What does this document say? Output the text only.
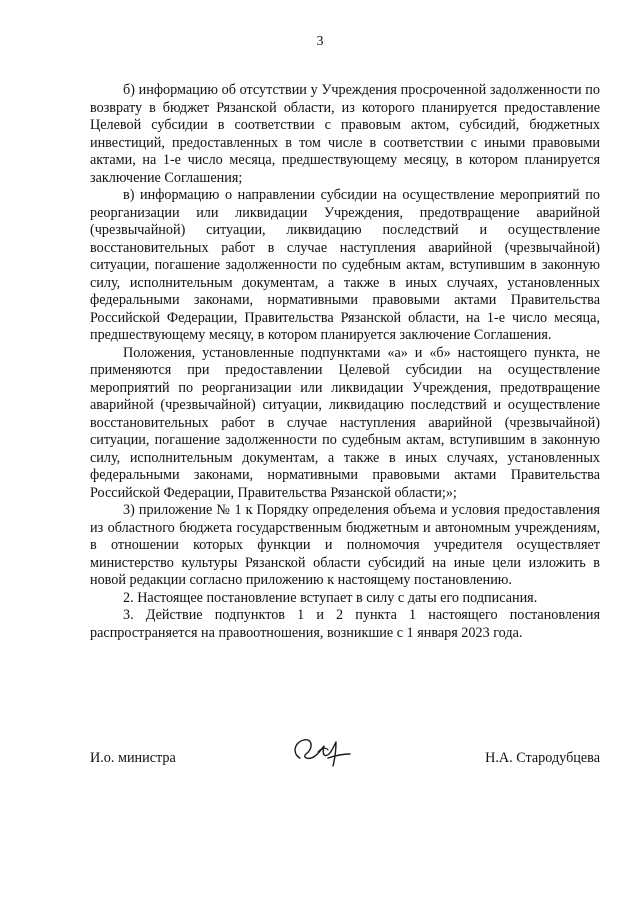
3

б) информацию об отсутствии у Учреждения просроченной задолженности по возврату в бюджет Рязанской области, из которого планируется предоставление Целевой субсидии в соответствии с правовым актом, субсидий, бюджетных инвестиций, предоставленных в том числе в соответствии с иными правовыми актами, на 1-е число месяца, предшествующему месяцу, в котором планируется заключение Соглашения;

в) информацию о направлении субсидии на осуществление мероприятий по реорганизации или ликвидации Учреждения, предотвращение аварийной (чрезвычайной) ситуации, ликвидацию последствий и осуществление восстановительных работ в случае наступления аварийной (чрезвычайной) ситуации, погашение задолженности по судебным актам, вступившим в законную силу, исполнительным документам, а также в иных случаях, установленных федеральными законами, нормативными правовыми актами Правительства Российской Федерации, Правительства Рязанской области, на 1-е число месяца, предшествующему месяцу, в котором планируется заключение Соглашения.

Положения, установленные подпунктами «а» и «б» настоящего пункта, не применяются при предоставлении Целевой субсидии на осуществление мероприятий по реорганизации или ликвидации Учреждения, предотвращение аварийной (чрезвычайной) ситуации, ликвидацию последствий и осуществление восстановительных работ в случае наступления аварийной (чрезвычайной) ситуации, погашение задолженности по судебным актам, вступившим в законную силу, исполнительным документам, а также в иных случаях, установленных федеральными законами, нормативными правовыми актами Правительства Российской Федерации, Правительства Рязанской области;»;

3) приложение № 1 к Порядку определения объема и условия предоставления из областного бюджета государственным бюджетным и автономным учреждениям, в отношении которых функции и полномочия учредителя осуществляет министерство культуры Рязанской области субсидий на иные цели изложить в новой редакции согласно приложению к настоящему постановлению.

2. Настоящее постановление вступает в силу с даты его подписания.

3. Действие подпунктов 1 и 2 пункта 1 настоящего постановления распространяется на правоотношения, возникшие с 1 января 2023 года.

И.о. министра	Н.А. Стародубцева
